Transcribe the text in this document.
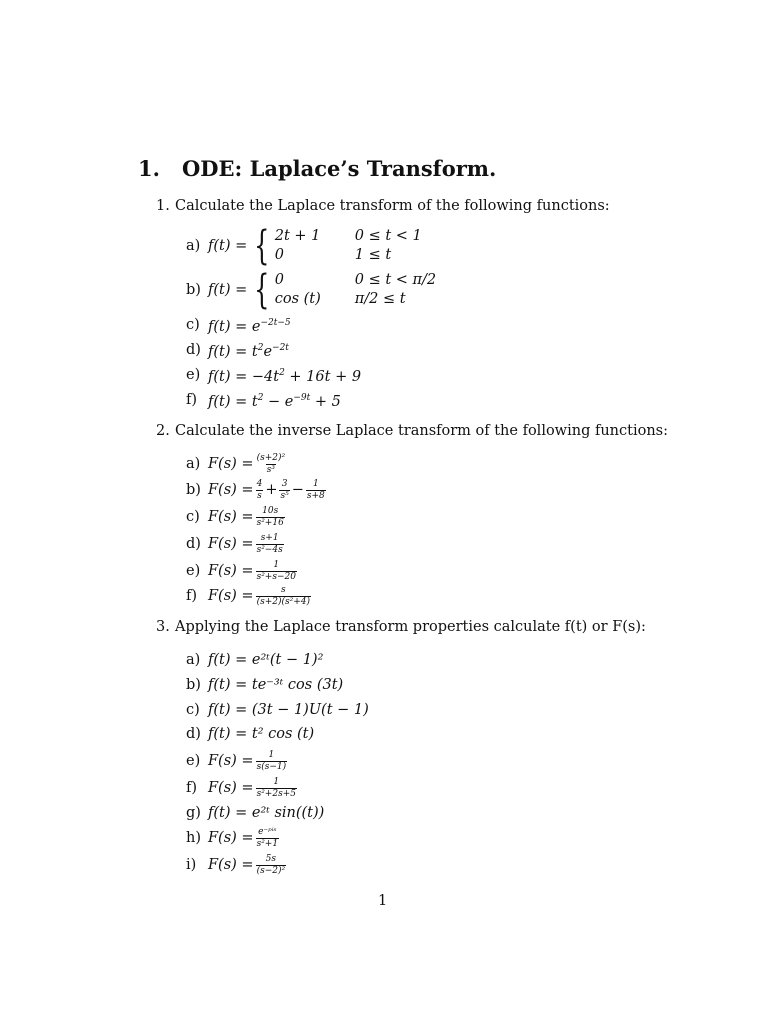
1. ODE: Laplace’s Transform.
1. Calculate the Laplace transform of the following functions:
a) f(t) = { 2t + 1	0 ≤ t < 1
0	1 ≤ t
b) f(t) = { 0	0 ≤ t < π/2
cos (t)	π/2 ≤ t
c) $f(t) = e^{-2t-5}$
d) $f(t) = t^2e^{-2t}$
e) $f(t) = -4t^2 + 16t + 9$
f) $f(t) = t^2 - e^{-9t} + 5$
2. Calculate the inverse Laplace transform of the following functions:
a) $F(s) = \frac{\text{(s+2)²}}{\text{s³}}$
b) $F(s) = \frac{4}{s} + \frac{3}{\text{s⁵}} - \frac{1}{s+8}$
c) $F(s) = \frac{10s}{\text{s²+16}}$
d) $F(s) = \frac{s+1}{\text{s²−4s}}$
e) $F(s) = \frac{1}{\text{s²+s−20}}$
f) $F(s) = \frac{s}{\text{(s+2)(s²+4)}}$
3. Applying the Laplace transform properties calculate f(t) or F(s):
a) f(t) = e²ᵗ(t − 1)²
b) f(t) = te⁻³ᵗ cos (3t)
c) f(t) = (3t − 1)U(t − 1)
d) f(t) = t² cos (t)
e) $F(s) = \frac{1}{s(s-1)}$
f) $F(s) = \frac{1}{\text{s²+2s+5}}$
g) f(t) = e²ᵗ sin((t))
h) $F(s) = \frac{\text{e⁻ᵖⁱˢ}}{\text{s²+1}}$
i) $F(s) = \frac{5s}{\text{(s−2)²}}$
1
